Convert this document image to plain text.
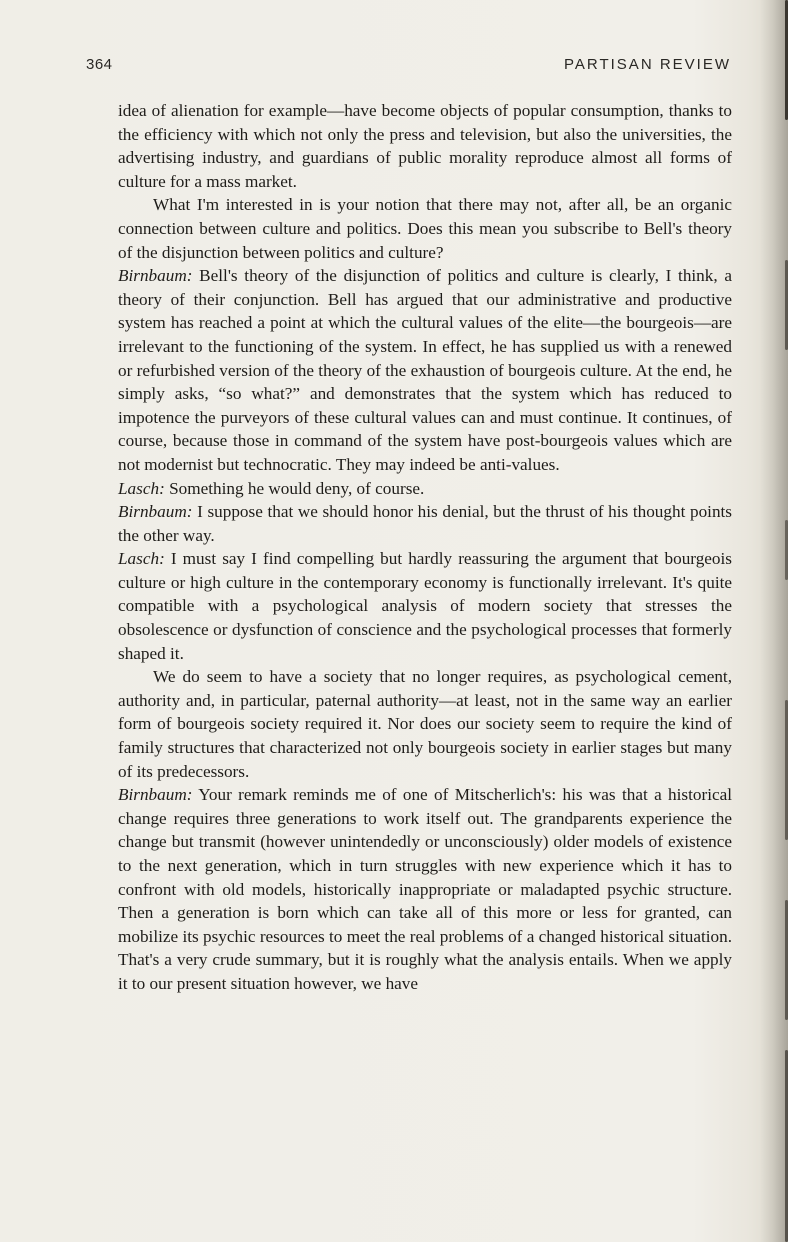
364	PARTISAN REVIEW

idea of alienation for example—have become objects of popular consumption, thanks to the efficiency with which not only the press and television, but also the universities, the advertising industry, and guardians of public morality reproduce almost all forms of culture for a mass market.

What I'm interested in is your notion that there may not, after all, be an organic connection between culture and politics. Does this mean you subscribe to Bell's theory of the disjunction between politics and culture?

Birnbaum: Bell's theory of the disjunction of politics and culture is clearly, I think, a theory of their conjunction. Bell has argued that our administrative and productive system has reached a point at which the cultural values of the elite—the bourgeois—are irrelevant to the functioning of the system. In effect, he has supplied us with a renewed or refurbished version of the theory of the exhaustion of bourgeois culture. At the end, he simply asks, “so what?” and demonstrates that the system which has reduced to impotence the purveyors of these cultural values can and must continue. It continues, of course, because those in command of the system have post-bourgeois values which are not modernist but technocratic. They may indeed be anti-values.

Lasch: Something he would deny, of course.

Birnbaum: I suppose that we should honor his denial, but the thrust of his thought points the other way.

Lasch: I must say I find compelling but hardly reassuring the argument that bourgeois culture or high culture in the contemporary economy is functionally irrelevant. It's quite compatible with a psychological analysis of modern society that stresses the obsolescence or dysfunction of conscience and the psychological processes that formerly shaped it.

We do seem to have a society that no longer requires, as psychological cement, authority and, in particular, paternal authority—at least, not in the same way an earlier form of bourgeois society required it. Nor does our society seem to require the kind of family structures that characterized not only bourgeois society in earlier stages but many of its predecessors.

Birnbaum: Your remark reminds me of one of Mitscherlich's: his was that a historical change requires three generations to work itself out. The grandparents experience the change but transmit (however unintendedly or unconsciously) older models of existence to the next generation, which in turn struggles with new experience which it has to confront with old models, historically inappropriate or maladapted psychic structure. Then a generation is born which can take all of this more or less for granted, can mobilize its psychic resources to meet the real problems of a changed historical situation. That's a very crude summary, but it is roughly what the analysis entails. When we apply it to our present situation however, we have
